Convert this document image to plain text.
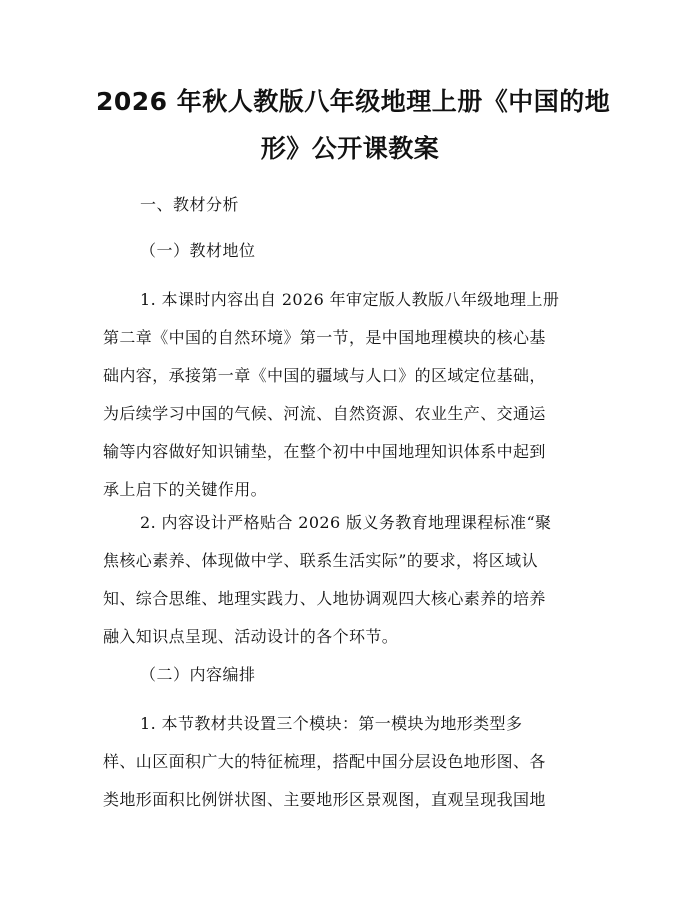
2026 年秋人教版八年级地理上册《中国的地
形》公开课教案

一、教材分析

（一）教材地位

1. 本课时内容出自 2026 年审定版人教版八年级地理上册
第二章《中国的自然环境》第一节，是中国地理模块的核心基
础内容，承接第一章《中国的疆域与人口》的区域定位基础，
为后续学习中国的气候、河流、自然资源、农业生产、交通运
输等内容做好知识铺垫，在整个初中中国地理知识体系中起到
承上启下的关键作用。
2. 内容设计严格贴合 2026 版义务教育地理课程标准“聚
焦核心素养、体现做中学、联系生活实际”的要求，将区域认
知、综合思维、地理实践力、人地协调观四大核心素养的培养
融入知识点呈现、活动设计的各个环节。

（二）内容编排

1. 本节教材共设置三个模块：第一模块为地形类型多
样、山区面积广大的特征梳理，搭配中国分层设色地形图、各
类地形面积比例饼状图、主要地形区景观图，直观呈现我国地
